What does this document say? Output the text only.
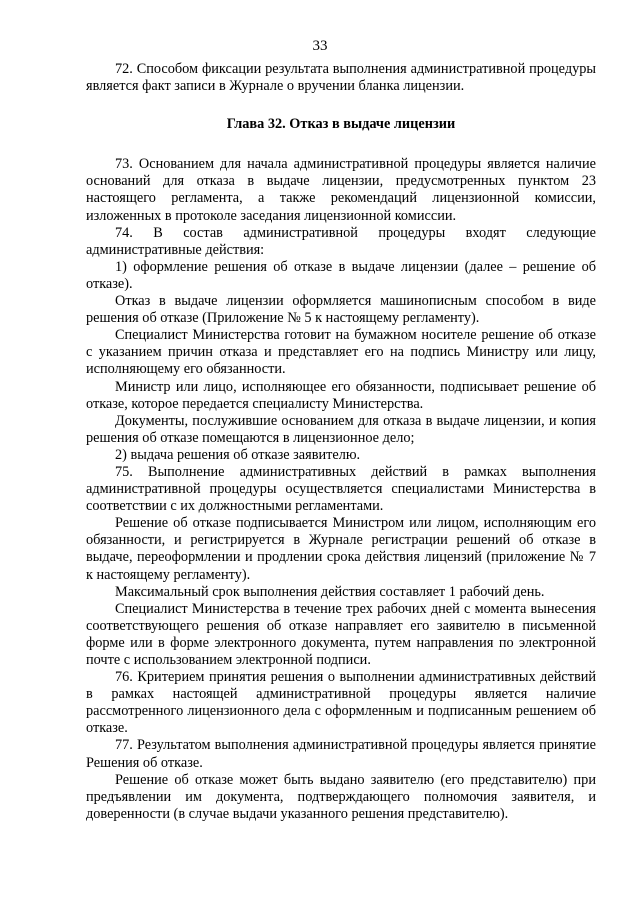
33

72. Способом фиксации результата выполнения административной процедуры является факт записи в Журнале о вручении бланка лицензии.

Глава 32. Отказ в выдаче лицензии

73. Основанием для начала административной процедуры является наличие оснований для отказа в выдаче лицензии, предусмотренных пунктом 23 настоящего регламента, а также рекомендаций лицензионной комиссии, изложенных в протоколе заседания лицензионной комиссии.

74. В состав административной процедуры входят следующие административные действия:

1) оформление решения об отказе в выдаче лицензии (далее – решение об отказе).

Отказ в выдаче лицензии оформляется машинописным способом в виде решения об отказе (Приложение № 5 к настоящему регламенту).

Специалист Министерства готовит на бумажном носителе решение об отказе с указанием причин отказа и представляет его на подпись Министру или лицу, исполняющему его обязанности.

Министр или лицо, исполняющее его обязанности, подписывает решение об отказе, которое передается специалисту Министерства.

Документы, послужившие основанием для отказа в выдаче лицензии, и копия решения об отказе помещаются в лицензионное дело;

2) выдача решения об отказе заявителю.

75. Выполнение административных действий в рамках выполнения административной процедуры осуществляется специалистами Министерства в соответствии с их должностными регламентами.

Решение об отказе подписывается Министром или лицом, исполняющим его обязанности, и регистрируется в Журнале регистрации решений об отказе в выдаче, переоформлении и продлении срока действия лицензий (приложение № 7 к настоящему регламенту).

Максимальный срок выполнения действия составляет 1 рабочий день.

Специалист Министерства в течение трех рабочих дней с момента вынесения соответствующего решения об отказе направляет его заявителю в письменной форме или в форме электронного документа, путем направления по электронной почте с использованием электронной подписи.

76. Критерием принятия решения о выполнении административных действий в рамках настоящей административной процедуры является наличие рассмотренного лицензионного дела с оформленным и подписанным решением об отказе.

77. Результатом выполнения административной процедуры является принятие Решения об отказе.

Решение об отказе может быть выдано заявителю (его представителю) при предъявлении им документа, подтверждающего полномочия заявителя, и доверенности (в случае выдачи указанного решения представителю).
